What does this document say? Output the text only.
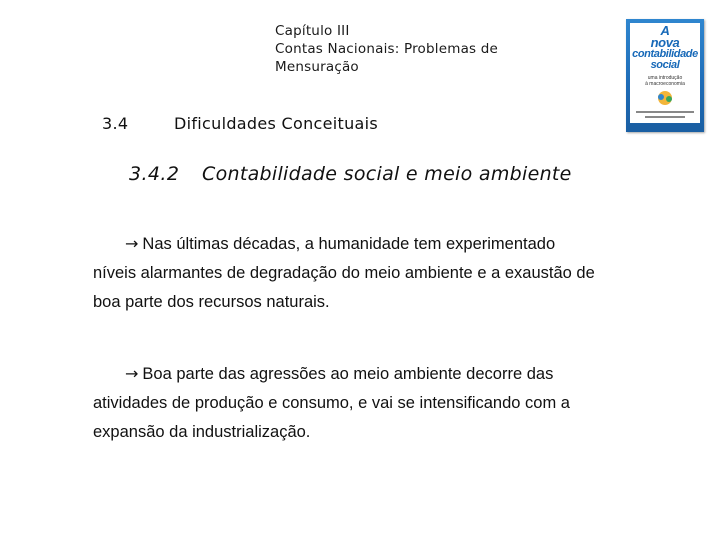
Capítulo III
Contas Nacionais: Problemas de
Mensuração
A
nova
contabilidade
social
uma introdução
à macroeconomia
3.4	Dificuldades Conceituais
3.4.2 Contabilidade social e meio ambiente
→ Nas últimas décadas, a humanidade tem experimentado
níveis alarmantes de degradação do meio ambiente e a exaustão de
boa parte dos recursos naturais.
→ Boa parte das agressões ao meio ambiente decorre das
atividades de produção e consumo, e vai se intensificando com a
expansão da industrialização.
